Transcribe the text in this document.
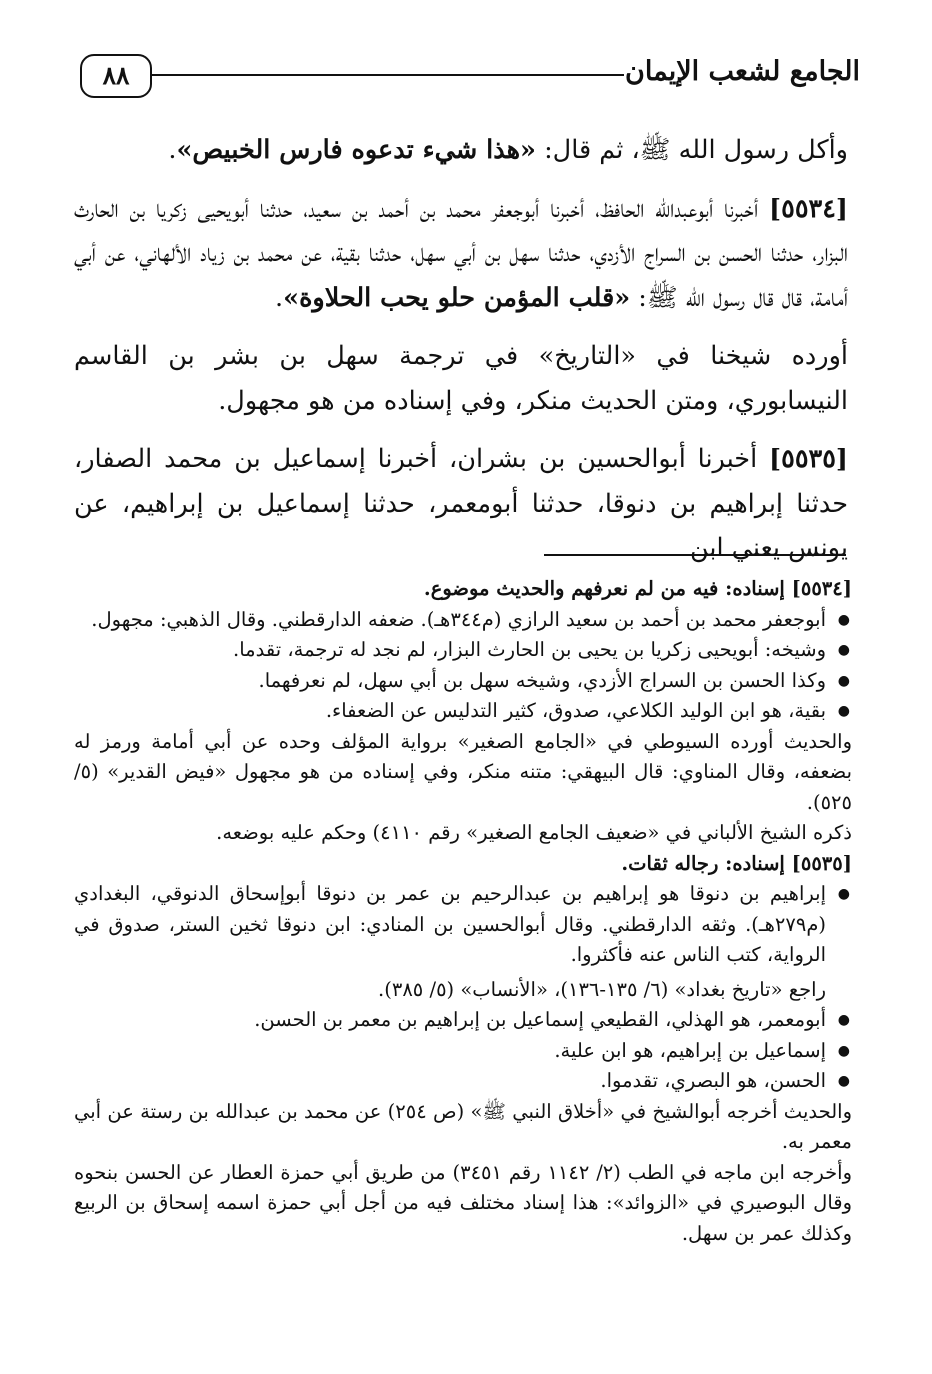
٨٨	الجامع لشعب الإيمان

وأكل رسول الله ﷺ، ثم قال: «هذا شيء تدعوه فارس الخبيص».

[٥٥٣٤] أخبرنا أبوعبدالله الحافظ، أخبرنا أبوجعفر محمد بن أحمد بن سعيد، حدثنا أبويحيى زكريا بن الحارث البزار، حدثنا الحسن بن السراج الأزدي، حدثنا سهل بن أبي سهل، حدثنا بقية، عن محمد بن زياد الألهاني، عن أبي أمامة، قال قال رسول الله ﷺ: «قلب المؤمن حلو يحب الحلاوة».

أورده شيخنا في «التاريخ» في ترجمة سهل بن بشر بن القاسم النيسابوري، ومتن الحديث منكر، وفي إسناده من هو مجهول.

[٥٥٣٥] أخبرنا أبوالحسين بن بشران، أخبرنا إسماعيل بن محمد الصفار، حدثنا إبراهيم بن دنوقا، حدثنا أبومعمر، حدثنا إسماعيل بن إبراهيم، عن يونس يعني ابن

[٥٥٣٤] إسناده: فيه من لم نعرفهم والحديث موضوع.

● أبوجعفر محمد بن أحمد بن سعيد الرازي (م٣٤٤هـ). ضعفه الدارقطني. وقال الذهبي: مجهول.
● وشيخه: أبويحيى زكريا بن يحيى بن الحارث البزار، لم نجد له ترجمة، تقدما.
● وكذا الحسن بن السراج الأزدي، وشيخه سهل بن أبي سهل، لم نعرفهما.
● بقية، هو ابن الوليد الكلاعي، صدوق، كثير التدليس عن الضعفاء.

والحديث أورده السيوطي في «الجامع الصغير» برواية المؤلف وحده عن أبي أمامة ورمز له بضعفه، وقال المناوي: قال البيهقي: متنه منكر، وفي إسناده من هو مجهول «فيض القدير» (٥/ ٥٢٥).

ذكره الشيخ الألباني في «ضعيف الجامع الصغير» رقم ٤١١٠) وحكم عليه بوضعه.

[٥٥٣٥] إسناده: رجاله ثقات.

● إبراهيم بن دنوقا هو إبراهيم بن عبدالرحيم بن عمر بن دنوقا أبوإسحاق الدنوقي، البغدادي (م٢٧٩هـ). وثقه الدارقطني. وقال أبوالحسين بن المنادي: ابن دنوقا ثخين الستر، صدوق في الرواية، كتب الناس عنه فأكثروا.

راجع «تاريخ بغداد» (٦/ ١٣٥-١٣٦)، «الأنساب» (٥/ ٣٨٥).

● أبومعمر، هو الهذلي، القطيعي إسماعيل بن إبراهيم بن معمر بن الحسن.
● إسماعيل بن إبراهيم، هو ابن علية.
● الحسن، هو البصري، تقدموا.

والحديث أخرجه أبوالشيخ في «أخلاق النبي ﷺ» (ص ٢٥٤) عن محمد بن عبدالله بن رستة عن أبي معمر به.

وأخرجه ابن ماجه في الطب (٢/ ١١٤٢ رقم ٣٤٥١) من طريق أبي حمزة العطار عن الحسن بنحوه وقال البوصيري في «الزوائد»: هذا إسناد مختلف فيه من أجل أبي حمزة اسمه إسحاق بن الربيع وكذلك عمر بن سهل.
